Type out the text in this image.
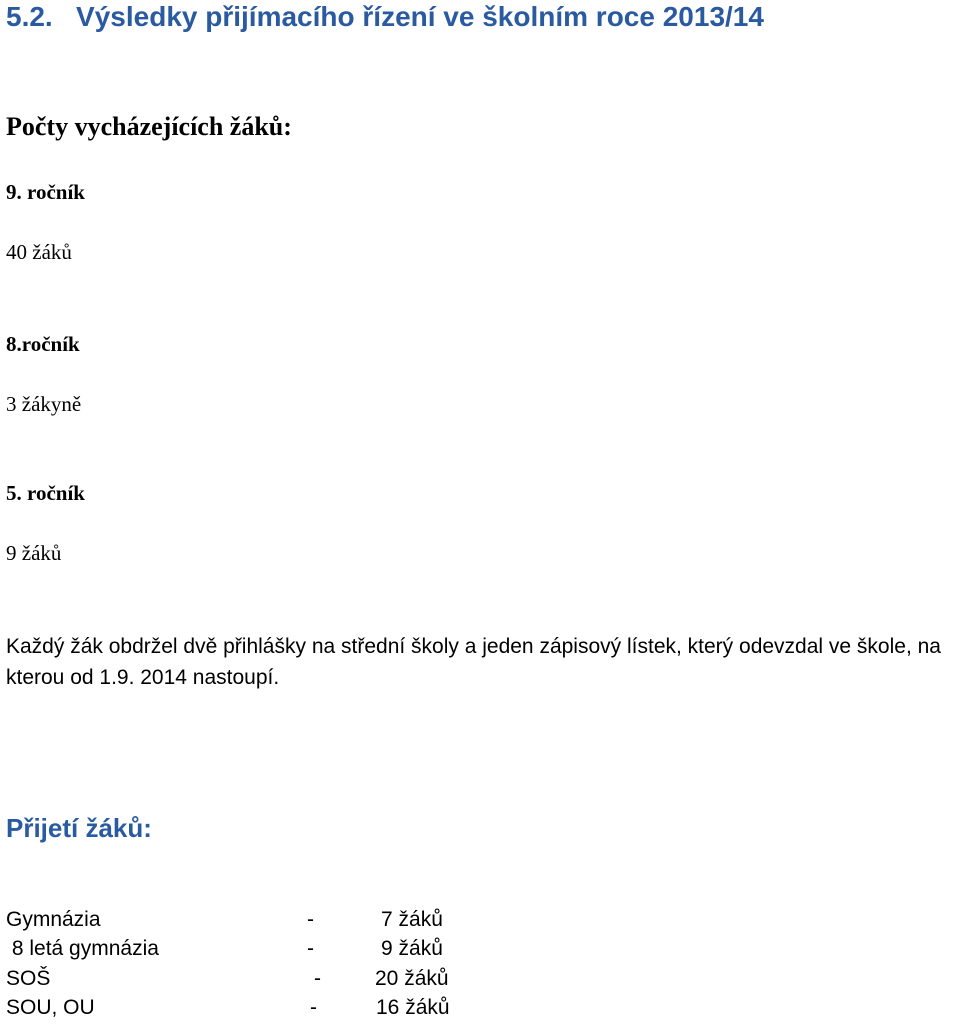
5.2. Výsledky přijímacího řízení ve školním roce 2013/14
Počty vycházejících žáků:
9. ročník
40 žáků
8.ročník
3 žákyně
5. ročník
9 žáků
Každý žák obdržel dvě přihlášky na střední školy a jeden zápisový lístek, který odevzdal ve škole, na kterou od 1.9. 2014 nastoupí.
Přijetí žáků:
Gymnázia	-	7 žáků
8 letá gymnázia	-	9 žáků
SOŠ	-	20 žáků
SOU, OU	-	16 žáků
